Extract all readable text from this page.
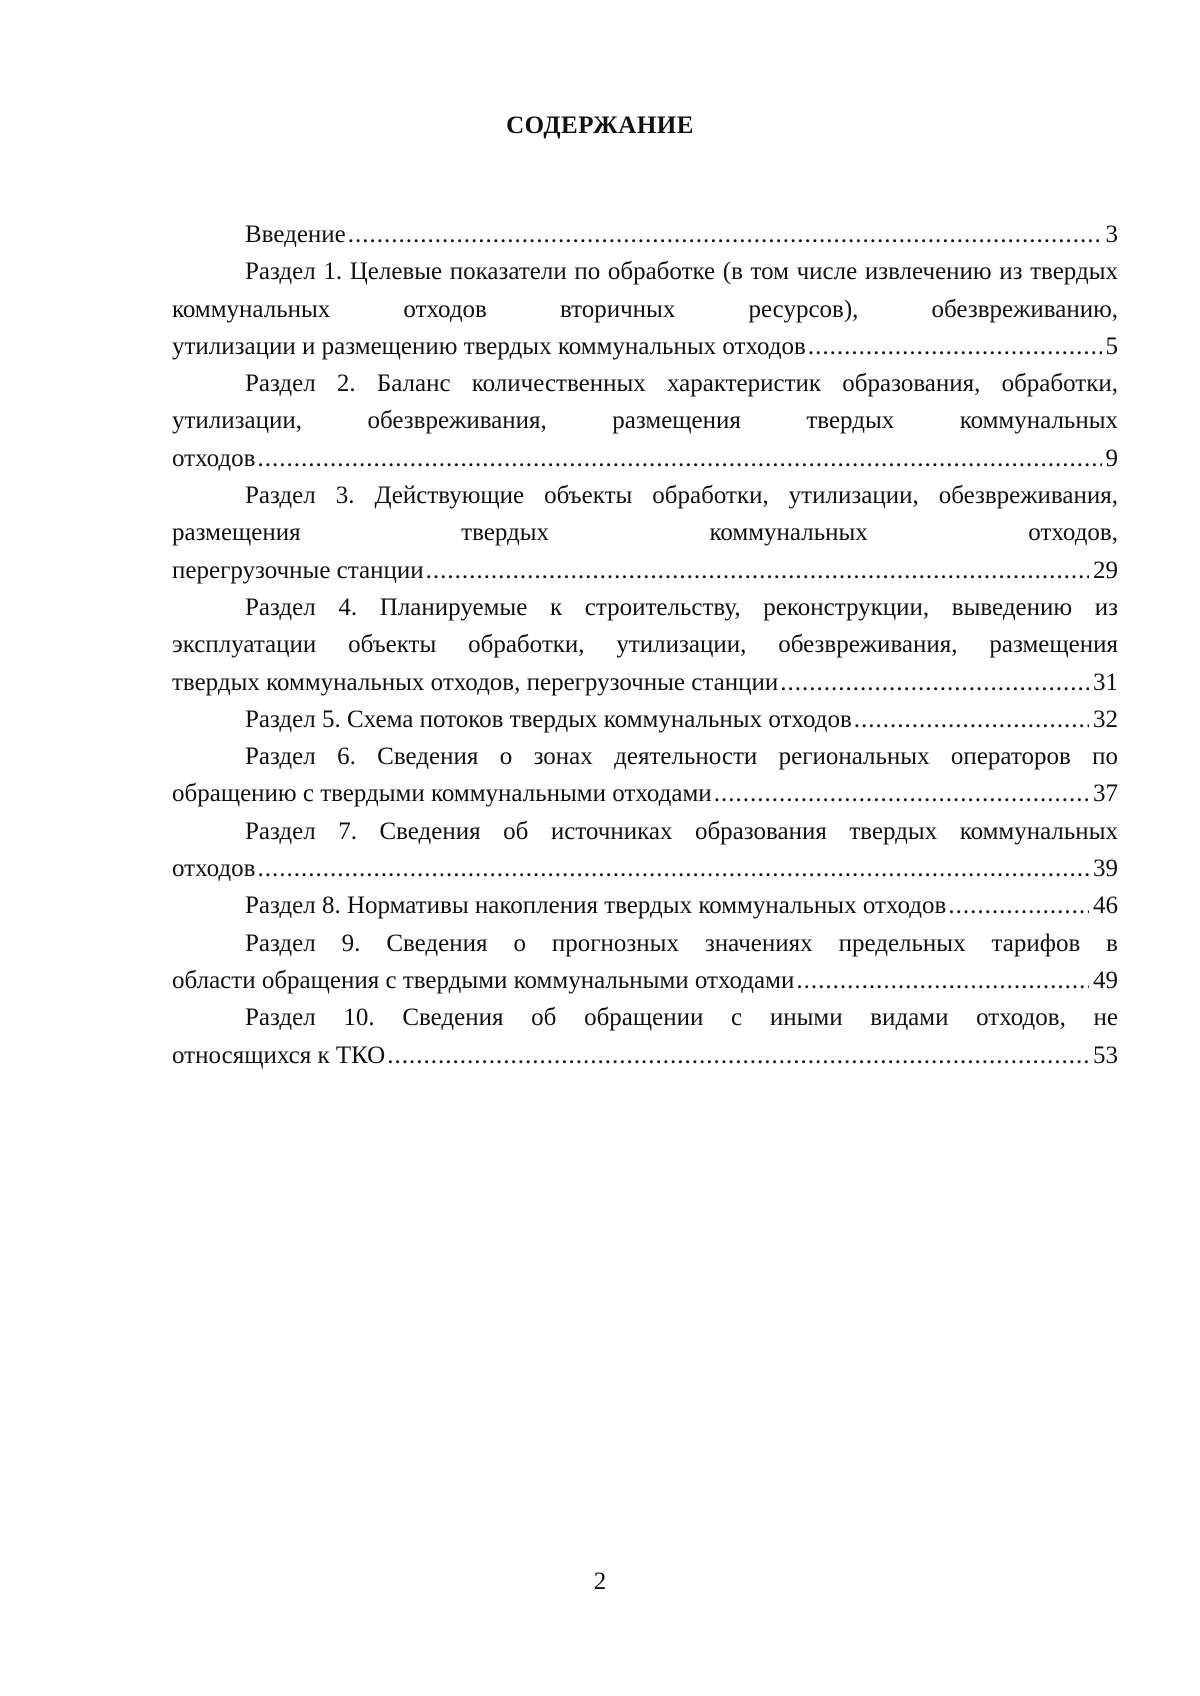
СОДЕРЖАНИЕ
Введение .....	3
Раздел 1. Целевые показатели по обработке (в том числе извлечению из твердых коммунальных отходов вторичных ресурсов), обезвреживанию,
утилизации и размещению твердых коммунальных отходов .....	5
Раздел 2. Баланс количественных характеристик образования, обработки, утилизации, обезвреживания, размещения твердых коммунальных
отходов .....	9
Раздел 3. Действующие объекты обработки, утилизации, обезвреживания, размещения твердых коммунальных отходов,
перегрузочные станции .....	29
Раздел 4. Планируемые к строительству, реконструкции, выведению из эксплуатации объекты обработки, утилизации, обезвреживания, размещения
твердых коммунальных отходов, перегрузочные станции .....	31
Раздел 5. Схема потоков твердых коммунальных отходов .....	32
Раздел 6. Сведения о зонах деятельности региональных операторов по
обращению с твердыми коммунальными отходами .....	37
Раздел 7. Сведения об источниках образования твердых коммунальных
отходов .....	39
Раздел 8. Нормативы накопления твердых коммунальных отходов .....	46
Раздел 9. Сведения о прогнозных значениях предельных тарифов в
области обращения с твердыми коммунальными отходами .....	49
Раздел 10. Сведения об обращении с иными видами отходов, не
относящихся к ТКО .....	53
2
